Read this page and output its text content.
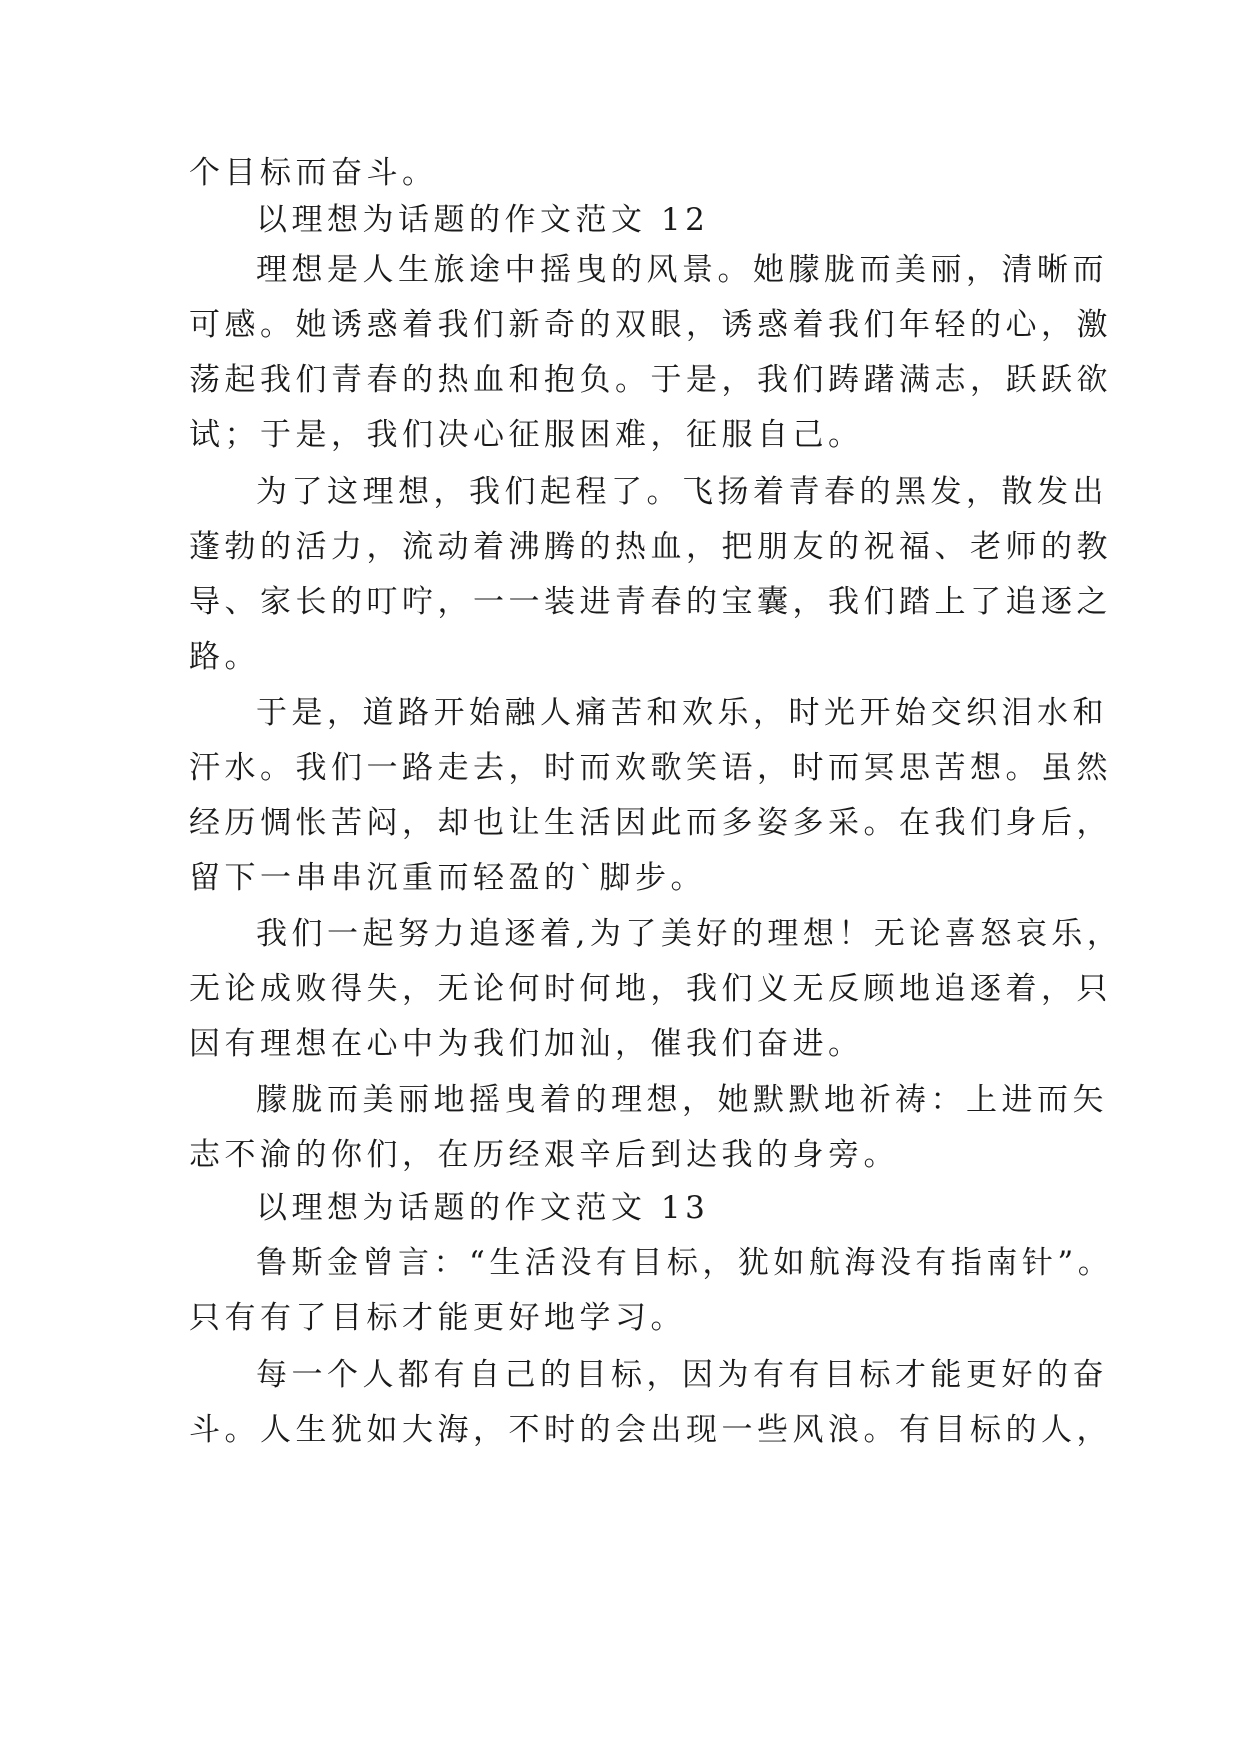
个目标而奋斗。
以理想为话题的作文范文 12
理想是人生旅途中摇曳的风景。她朦胧而美丽，清晰而
可感。她诱惑着我们新奇的双眼，诱惑着我们年轻的心，激
荡起我们青春的热血和抱负。于是，我们踌躇满志，跃跃欲
试；于是，我们决心征服困难，征服自己。
为了这理想，我们起程了。飞扬着青春的黑发，散发出
蓬勃的活力，流动着沸腾的热血，把朋友的祝福、老师的教
导、家长的叮咛，一一装进青春的宝囊，我们踏上了追逐之
路。
于是，道路开始融人痛苦和欢乐，时光开始交织泪水和
汗水。我们一路走去，时而欢歌笑语，时而冥思苦想。虽然
经历惆怅苦闷，却也让生活因此而多姿多采。在我们身后，
留下一串串沉重而轻盈的`脚步。
我们一起努力追逐着,为了美好的理想！无论喜怒哀乐，
无论成败得失，无论何时何地，我们义无反顾地追逐着，只
因有理想在心中为我们加汕，催我们奋进。
朦胧而美丽地摇曳着的理想，她默默地祈祷：上进而矢
志不渝的你们，在历经艰辛后到达我的身旁。
以理想为话题的作文范文 13
鲁斯金曾言：“生活没有目标，犹如航海没有指南针”。
只有有了目标才能更好地学习。
每一个人都有自己的目标，因为有有目标才能更好的奋
斗。人生犹如大海，不时的会出现一些风浪。有目标的人，
